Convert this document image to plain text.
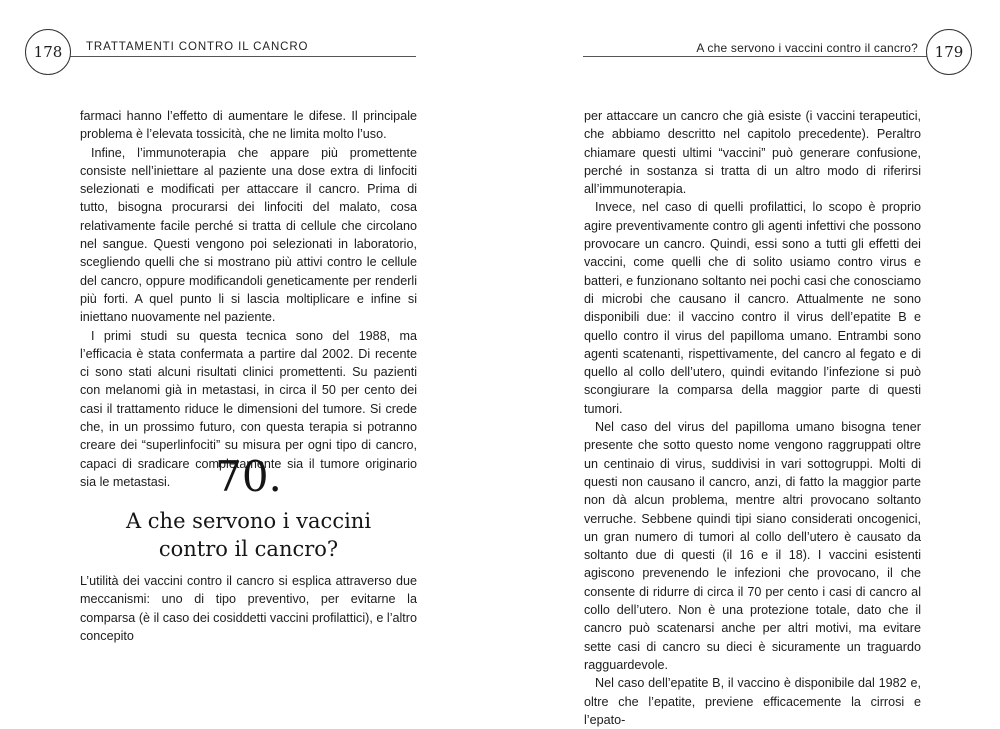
178	TRATTAMENTI CONTRO IL CANCRO

farmaci hanno l’effetto di aumentare le difese. Il principale problema è l’elevata tossicità, che ne limita molto l’uso.

Infine, l’immunoterapia che appare più promettente consiste nell’iniettare al paziente una dose extra di linfociti selezionati e modificati per attaccare il cancro. Prima di tutto, bisogna procurarsi dei linfociti del malato, cosa relativamente facile perché si tratta di cellule che circolano nel sangue. Questi vengono poi selezionati in laboratorio, scegliendo quelli che si mostrano più attivi contro le cellule del cancro, oppure modificandoli geneticamente per renderli più forti. A quel punto li si lascia moltiplicare e infine si iniettano nuovamente nel paziente.

I primi studi su questa tecnica sono del 1988, ma l’efficacia è stata confermata a partire dal 2002. Di recente ci sono stati alcuni risultati clinici promettenti. Su pazienti con melanomi già in metastasi, in circa il 50 per cento dei casi il trattamento riduce le dimensioni del tumore. Si crede che, in un prossimo futuro, con questa terapia si potranno creare dei “superlinfociti” su misura per ogni tipo di cancro, capaci di sradicare completamente sia il tumore originario sia le metastasi.	70.
A che servono i vaccini
contro il cancro?

L’utilità dei vaccini contro il cancro si esplica attraverso due meccanismi: uno di tipo preventivo, per evitarne la comparsa (è il caso dei cosiddetti vaccini profilattici), e l’altro concepito

A che servono i vaccini contro il cancro?	179

per attaccare un cancro che già esiste (i vaccini terapeutici, che abbiamo descritto nel capitolo precedente). Peraltro chiamare questi ultimi “vaccini” può generare confusione, perché in sostanza si tratta di un altro modo di riferirsi all’immunoterapia.

Invece, nel caso di quelli profilattici, lo scopo è proprio agire preventivamente contro gli agenti infettivi che possono provocare un cancro. Quindi, essi sono a tutti gli effetti dei vaccini, come quelli che di solito usiamo contro virus e batteri, e funzionano soltanto nei pochi casi che conosciamo di microbi che causano il cancro. Attualmente ne sono disponibili due: il vaccino contro il virus dell’epatite B e quello contro il virus del papilloma umano. Entrambi sono agenti scatenanti, rispettivamente, del cancro al fegato e di quello al collo dell’utero, quindi evitando l’infezione si può scongiurare la comparsa della maggior parte di questi tumori.

Nel caso del virus del papilloma umano bisogna tener presente che sotto questo nome vengono raggruppati oltre un centinaio di virus, suddivisi in vari sottogruppi. Molti di questi non causano il cancro, anzi, di fatto la maggior parte non dà alcun problema, mentre altri provocano soltanto verruche. Sebbene quindi tipi siano considerati oncogenici, un gran numero di tumori al collo dell’utero è causato da soltanto due di questi (il 16 e il 18). I vaccini esistenti agiscono prevenendo le infezioni che provocano, il che consente di ridurre di circa il 70 per cento i casi di cancro al collo dell’utero. Non è una protezione totale, dato che il cancro può scatenarsi anche per altri motivi, ma evitare sette casi di cancro su dieci è sicuramente un traguardo ragguardevole.

Nel caso dell’epatite B, il vaccino è disponibile dal 1982 e, oltre che l’epatite, previene efficacemente la cirrosi e l’epato-
